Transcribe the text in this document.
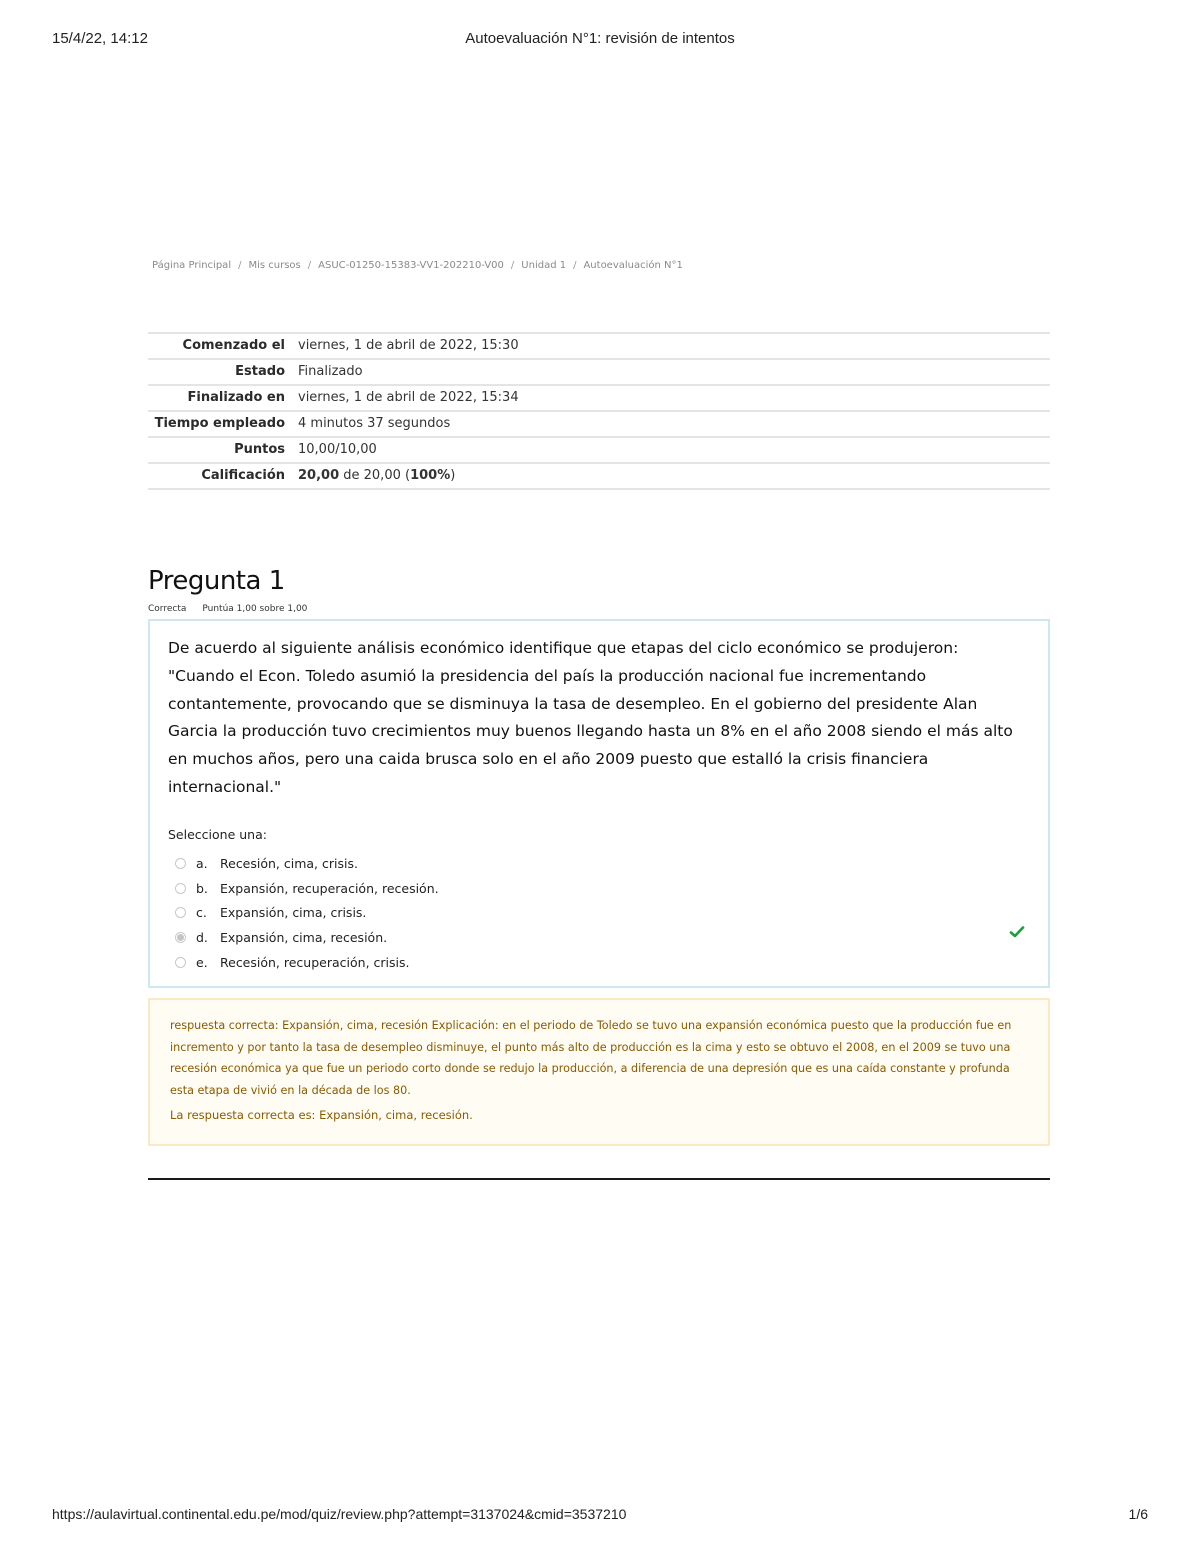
15/4/22, 14:12	Autoevaluación N°1: revisión de intentos
Página Principal / Mis cursos / ASUC-01250-15383-VV1-202210-V00 / Unidad 1 / Autoevaluación N°1
Comenzado el	viernes, 1 de abril de 2022, 15:30
Estado	Finalizado
Finalizado en	viernes, 1 de abril de 2022, 15:34
Tiempo empleado	4 minutos 37 segundos
Puntos	10,00/10,00
Calificación	20,00 de 20,00 (100%)
Pregunta 1
Correcta Puntúa 1,00 sobre 1,00
De acuerdo al siguiente análisis económico identifique que etapas del ciclo económico se produjeron: "Cuando el Econ. Toledo asumió la presidencia del país la producción nacional fue incrementando contantemente, provocando que se disminuya la tasa de desempleo. En el gobierno del presidente Alan Garcia la producción tuvo crecimientos muy buenos llegando hasta un 8% en el año 2008 siendo el más alto en muchos años, pero una caida brusca solo en el año 2009 puesto que estalló la crisis financiera internacional."
Seleccione una:
a. Recesión, cima, crisis.
b. Expansión, recuperación, recesión.
c.	Expansión, cima, crisis.
d. Expansión, cima, recesión.
e. Recesión, recuperación, crisis.
respuesta correcta: Expansión, cima, recesión Explicación: en el periodo de Toledo se tuvo una expansión económica puesto que la producción fue en incremento y por tanto la tasa de desempleo disminuye, el punto más alto de producción es la cima y esto se obtuvo el 2008, en el 2009 se tuvo una recesión económica ya que fue un periodo corto donde se redujo la producción, a diferencia de una depresión que es una caída constante y profunda esta etapa de vivió en la década de los 80.
La respuesta correcta es: Expansión, cima, recesión.
https://aulavirtual.continental.edu.pe/mod/quiz/review.php?attempt=3137024&cmid=3537210	1/6
